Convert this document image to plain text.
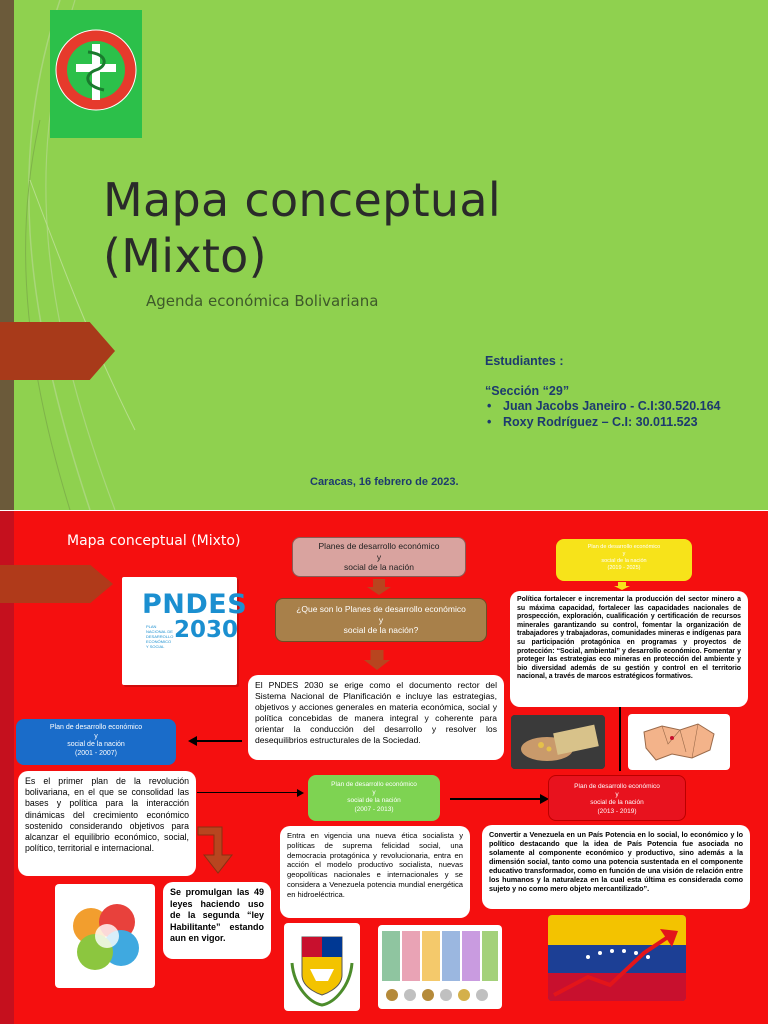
Mapa conceptual
(Mixto)
Agenda económica Bolivariana
Estudiantes :
“Sección “29”
• Juan Jacobs Janeiro - C.I:30.520.164
• Roxy Rodríguez – C.I: 30.011.523
Caracas, 16 febrero de 2023.
Mapa conceptual (Mixto)
PNDES
PLAN NACIONAL DE DESARROLLO ECONÓMICO Y SOCIAL
2030
Planes de desarrollo económico
y
social de la nación
¿Que son lo Planes de desarrollo económico
y
social de la nación?
El PNDES 2030 se erige como el documento rector del Sistema Nacional de Planificación e incluye las estrategias, objetivos y acciones generales en materia económica, social y política concebidas de manera integral y coherente para orientar la conducción del desarrollo y resolver los desequilibrios estructurales de la Sociedad.
Plan de desarrollo económico
y
social de la nación
(2001 - 2007)
Es el primer plan de la revolución bolivariana, en el que se consolidad las bases y política para la interacción dinámicas del crecimiento económico sostenido considerando objetivos para alcanzar el equilibrio económico, social, político, territorial e internacional.
Se promulgan las 49 leyes haciendo uso de la segunda “ley Habilitante” estando aun en vigor.
Plan de desarrollo económico
y
social de la nación
(2007 - 2013)
Entra en vigencia una nueva ética socialista y políticas de suprema felicidad social, una democracia protagónica y revolucionaria, entra en acción el modelo productivo socialista, nuevas geopolíticas nacionales e internacionales y se considera a Venezuela potencia mundial energética en hidroeléctrica.
Plan de desarrollo económico
y
social de la nación
(2013 - 2019)
Convertir a Venezuela en un País Potencia en lo social, lo económico y lo político destacando que la idea de País Potencia fue asociada no solamente al componente económico y productivo, sino además a la dimensión social, tanto como una potencia sustentada en el componente educativo transformador, como en función de una visión de relación entre los humanos y la naturaleza en la cual esta última es considerada como sujeto y no como mero objeto mercantilizado”.
Plan de desarrollo económico
y
social de la nación
(2019 - 2025)
Política fortalecer e incrementar la producción del sector minero a su máxima capacidad, fortalecer las capacidades nacionales de prospección, exploración, cualificación y certificación de recursos minerales garantizando su control, fomentar la organización de trabajadores y trabajadoras, comunidades mineras e indígenas para su participación protagónica en programas y proyectos de protección: “Social, ambiental” y desarrollo económico. Fomentar y proteger las estrategias eco mineras en protección del ambiente y bio diversidad además de su gestión y control en el territorio nacional, a través de marcos estratégicos formativos.
